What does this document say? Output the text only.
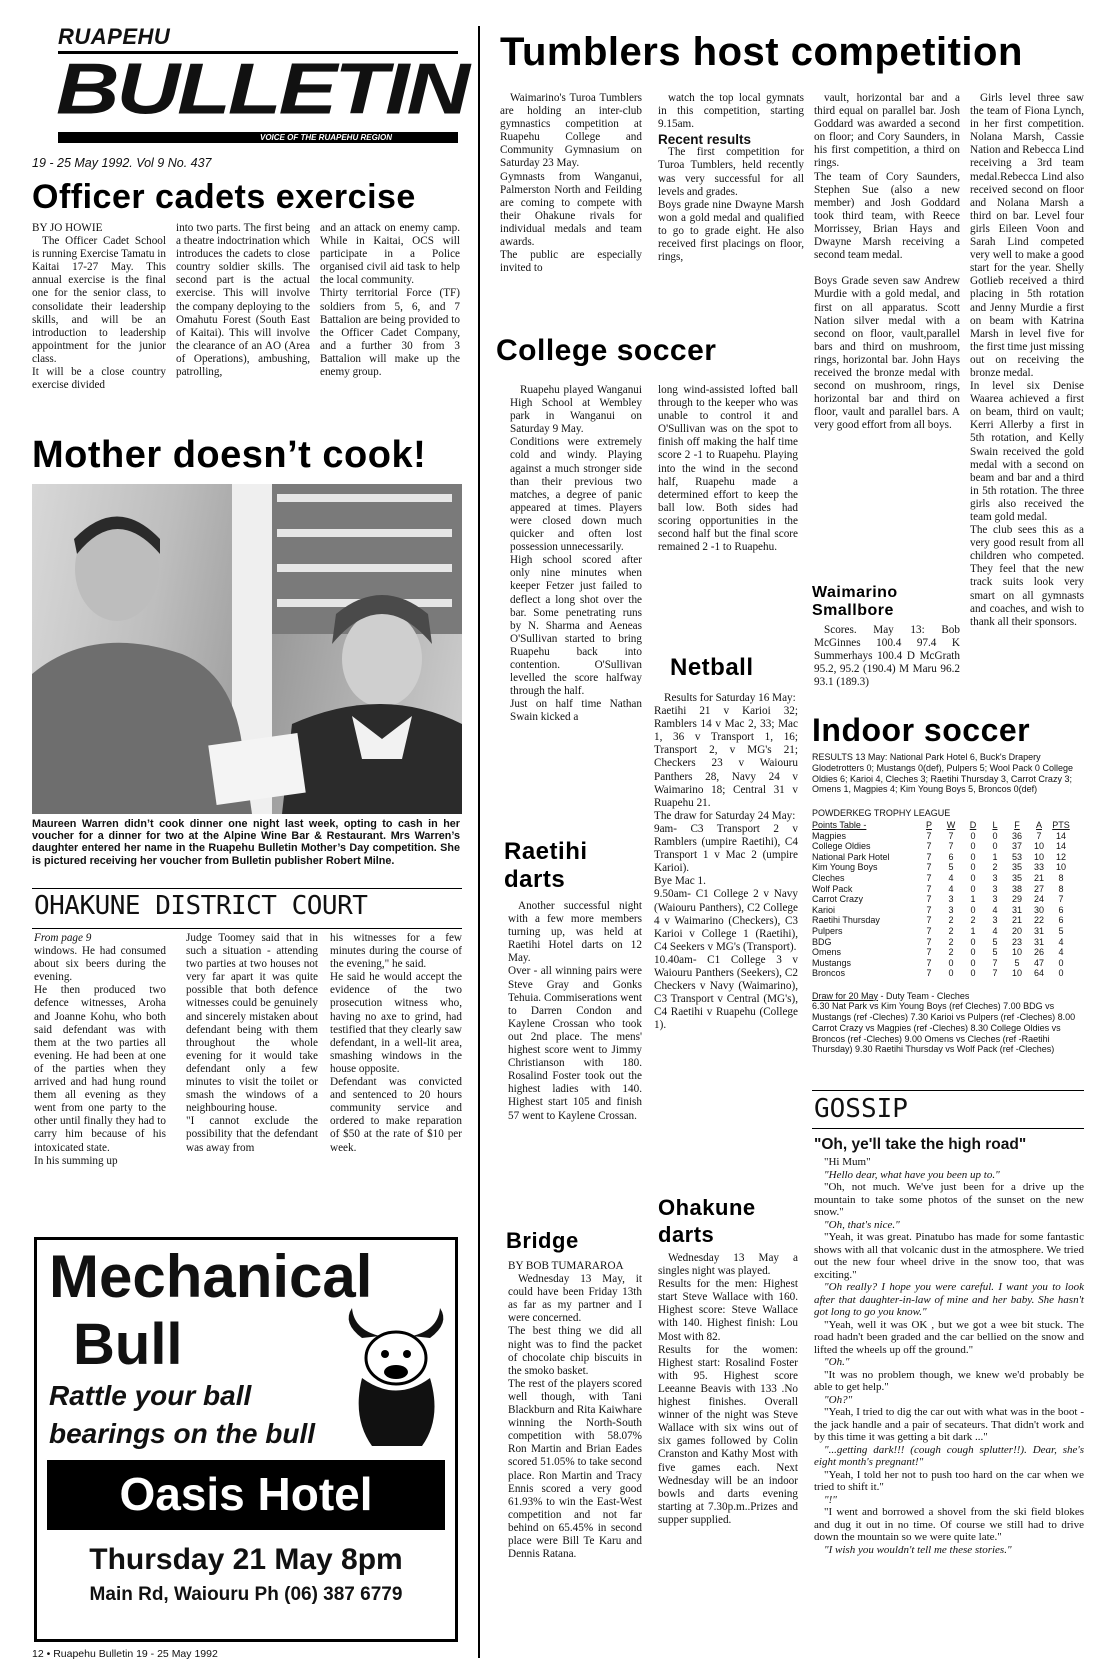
RUAPEHU
BULLETIN
VOICE OF THE RUAPEHU REGION
19 - 25 May 1992. Vol 9 No. 437
Tumblers host competition

Waimarino's Turoa Tumblers are holding an inter-club gymnastics competition at Ruapehu College and Community Gymnasium on Saturday 23 May.
Gymnasts from Wanganui, Palmerston North and Feilding are coming to compete with their Ohakune rivals for individual medals and team awards.
The public are especially invited to

watch the top local gymnats in this competition, starting 9.15am.

Recent results

The first competition for Turoa Tumblers, held recently was very successful for all levels and grades.
Boys grade nine Dwayne Marsh won a gold medal and qualified to go to grade eight. He also received first placings on floor, rings,

vault, horizontal bar and a third equal on parallel bar. Josh Goddard was awarded a second on floor; and Cory Saunders, in his first competition, a third on rings.
The team of Cory Saunders, Stephen Sue (also a new member) and Josh Goddard took third team, with Reece Morrissey, Brian Hays and Dwayne Marsh receiving a second team medal.

Boys Grade seven saw Andrew Murdie with a gold medal, and first on all apparatus. Scott Nation silver medal with a second on floor, vault,parallel bars and third on mushroom, rings, horizontal bar. John Hays received the bronze medal with second on mushroom, rings, horizontal bar and third on floor, vault and parallel bars. A very good effort from all boys.

Girls level three saw the team of Fiona Lynch, in her first competition. Nolana Marsh, Cassie Nation and Rebecca Lind receiving a 3rd team medal.Rebecca Lind also received second on floor and Nolana Marsh a third on bar. Level four girls Eileen Voon and Sarah Lind competed very well to make a good start for the year. Shelly Gotlieb received a third placing in 5th rotation and Jenny Murdie a first on beam with Katrina Marsh in level five for the first time just missing out on receiving the bronze medal.
In level six Denise Waarea achieved a first on beam, third on vault; Kerri Allerby a first in 5th rotation, and Kelly Swain received the gold medal with a second on beam and bar and a third in 5th rotation. The three girls also received the team gold medal.
The club sees this as a very good result from all children who competed. They feel that the new track suits look very smart on all gymnasts and coaches, and wish to thank all their sponsors.

Officer cadets exercise

BY JO HOWIE

The Officer Cadet School is running Exercise Tamatu in Kaitai 17-27 May. This annual exercise is the final one for the senior class, to consolidate their leadership skills, and will be an introduction to leadership appointment for the junior class.
It will be a close country exercise divided

into two parts. The first being a theatre indoctrination which introduces the cadets to close country soldier skills. The second part is the actual exercise. This will involve the company deploying to the Omahutu Forest (South East of Kaitai). This will involve the clearance of an AO (Area of Operations), ambushing, patrolling,

and an attack on enemy camp. While in Kaitai, OCS will participate in a Police organised civil aid task to help the local community.
Thirty territorial Force (TF) soldiers from 5, 6, and 7 Battalion are being provided to the Officer Cadet Company, and a further 30 from 3 Battalion will make up the enemy group.

Mother doesn’t cook!
Maureen Warren didn’t cook dinner one night last week, opting to cash in her voucher for a dinner for two at the Alpine Wine Bar & Restaurant. Mrs Warren’s daughter entered her name in the Ruapehu Bulletin Mother’s Day competition. She is pictured receiving her voucher from Bulletin publisher Robert Milne.
OHAKUNE DISTRICT COURT

From page 9

windows. He had consumed about six beers during the evening.
He then produced two defence witnesses, Aroha and Joanne Kohu, who both said defendant was with them at the two parties all evening. He had been at one of the parties when they arrived and had hung round them all evening as they went from one party to the other until finally they had to carry him because of his intoxicated state.
In his summing up

Judge Toomey said that in such a situation - attending two parties at two houses not very far apart it was quite possible that both defence witnesses could be genuinely and sincerely mistaken about defendant being with them throughout the whole evening for it would take defendant only a few minutes to visit the toilet or smash the windows of a neighbouring house.
"I cannot exclude the possibility that the defendant was away from

his witnesses for a few minutes during the course of the evening," he said.
He said he would accept the evidence of the two prosecution witness who, having no axe to grind, had testified that they clearly saw defendant, in a well-lit area, smashing windows in the house opposite.
Defendant was convicted and sentenced to 20 hours community service and ordered to make reparation of $50 at the rate of $10 per week.

Mechanical
Bull
Rattle your ball
bearings on the bull
Oasis Hotel
Thursday 21 May 8pm
Main Rd, Waiouru Ph (06) 387 6779
College soccer

Ruapehu played Wanganui High School at Wembley park in Wanganui on Saturday 9 May.
Conditions were extremely cold and windy. Playing against a much stronger side than their previous two matches, a degree of panic appeared at times. Players were closed down much quicker and often lost possession unnecessarily.
High school scored after only nine minutes when keeper Fetzer just failed to deflect a long shot over the bar. Some penetrating runs by N. Sharma and Aeneas O'Sullivan started to bring Ruapehu back into contention. O'Sullivan levelled the score halfway through the half.
Just on half time Nathan Swain kicked a

long wind-assisted lofted ball through to the keeper who was unable to control it and O'Sullivan was on the spot to finish off making the half time score 2 -1 to Ruapehu. Playing into the wind in the second half, Ruapehu made a determined effort to keep the ball low. Both sides had scoring opportunities in the second half but the final score remained 2 -1 to Ruapehu.

Netball

Results for Saturday 16 May:
Raetihi 21 v Karioi 32; Ramblers 14 v Mac 2, 33; Mac 1, 36 v Transport 1, 16; Transport 2, v MG's 21; Checkers 23 v Waiouru Panthers 28, Navy 24 v Waimarino 18; Central 31 v Ruapehu 21.
The draw for Saturday 24 May:
9am- C3 Transport 2 v Ramblers (umpire Raetihi), C4 Transport 1 v Mac 2 (umpire Karioi).
Bye Mac 1.
9.50am- C1 College 2 v Navy (Waiouru Panthers), C2 College 4 v Waimarino (Checkers), C3 Karioi v College 1 (Raetihi), C4 Seekers v MG's (Transport).
10.40am- C1 College 3 v Waiouru Panthers (Seekers), C2 Checkers v Navy (Waimarino), C3 Transport v Central (MG's), C4 Raetihi v Ruapehu (College 1).

Waimarino Smallbore

Scores. May 13: Bob McGinnes 100.4 97.4 K Summerhays 100.4 D McGrath 95.2, 95.2 (190.4) M Maru 96.2 93.1 (189.3)

Raetihi darts

Another successful night with a few more members turning up, was held at Raetihi Hotel darts on 12 May.
Over - all winning pairs were Steve Gray and Gonks Tehuia. Commiserations went to Darren Condon and Kaylene Crossan who took out 2nd place. The mens' highest score went to Jimmy Christianson with 180. Rosalind Foster took out the highest ladies with 140. Highest start 105 and finish 57 went to Kaylene Crossan.

Bridge

BY BOB TUMARAROA

Wednesday 13 May, it could have been Friday 13th as far as my partner and I were concerned.
The best thing we did all night was to find the packet of chocolate chip biscuits in the smoko basket.
The rest of the players scored well though, with Tani Blackburn and Rita Kaiwhare winning the North-South competition with 58.07% Ron Martin and Brian Eades scored 51.05% to take second place. Ron Martin and Tracy Ennis scored a very good 61.93% to win the East-West competition and not far behind on 65.45% in second place were Bill Te Karu and Dennis Ratana.

Ohakune darts

Wednesday 13 May a singles night was played.
Results for the men: Highest start Steve Wallace with 160. Highest score: Steve Wallace with 140. Highest finish: Lou Most with 82.
Results for the women: Highest start: Rosalind Foster with 95. Highest score Leeanne Beavis with 133 .No highest finishes. Overall winner of the night was Steve Wallace with six wins out of six games followed by Colin Cranston and Kathy Most with five games each. Next Wednesday will be an indoor bowls and darts evening starting at 7.30p.m..Prizes and supper supplied.

Indoor soccer
RESULTS 13 May: National Park Hotel 6, Buck's Drapery Glodetrotters 0; Mustangs 0(def), Pulpers 5; Wool Pack 0 College Oldies 6; Karioi 4, Cleches 3; Raetihi Thursday 3, Carrot Crazy 3; Omens 1, Magpies 4; Kim Young Boys 5, Broncos 0(def)
POWDERKEG TROPHY LEAGUE
Points Table -	P	W	D	L	F	A	PTS
Magpies	7	7	0	0	36	7	14
College Oldies	7	7	0	0	37	10	14
National Park Hotel	7	6	0	1	53	10	12
Kim Young Boys	7	5	0	2	35	33	10
Cleches	7	4	0	3	35	21	8
Wolf Pack	7	4	0	3	38	27	8
Carrot Crazy	7	3	1	3	29	24	7
Karioi	7	3	0	4	31	30	6
Raetihi Thursday	7	2	2	3	21	22	6
Pulpers	7	2	1	4	20	31	5
BDG	7	2	0	5	23	31	4
Omens	7	2	0	5	10	26	4
Mustangs	7	0	0	7	5	47	0
Broncos	7	0	0	7	10	64	0

Draw for 20 May - Duty Team - Cleches
6.30 Nat Park vs Kim Young Boys (ref Cleches) 7.00 BDG vs Mustangs (ref -Cleches) 7.30 Karioi vs Pulpers (ref -Cleches) 8.00 Carrot Crazy vs Magpies (ref -Cleches) 8.30 College Oldies vs Broncos (ref -Cleches) 9.00 Omens vs Cleches (ref -Raetihi Thursday) 9.30 Raetihi Thursday vs Wolf Pack (ref -Cleches)

GOSSIP
"Oh, ye'll take the high road"

"Hi Mum"

"Hello dear, what have you been up to."

"Oh, not much. We've just been for a drive up the mountain to take some photos of the sunset on the new snow."

"Oh, that's nice."

"Yeah, it was great. Pinatubo has made for some fantastic shows with all that volcanic dust in the atmosphere. We tried out the new four wheel drive in the snow too, that was exciting."

"Oh really? I hope you were careful. I want you to look after that daughter-in-law of mine and her baby. She hasn't got long to go you know."

"Yeah, well it was OK , but we got a wee bit stuck. The road hadn't been graded and the car bellied on the snow and lifted the wheels up off the ground."

"Oh."

"It was no problem though, we knew we'd probably be able to get help."

"Oh?"

"Yeah, I tried to dig the car out with what was in the boot - the jack handle and a pair of secateurs. That didn't work and by this time it was getting a bit dark ..."

"...getting dark!!! (cough cough splutter!!). Dear, she's eight month's pregnant!"

"Yeah, I told her not to push too hard on the car when we tried to shift it."

"!"

"I went and borrowed a shovel from the ski field blokes and dug it out in no time. Of course we still had to drive down the mountain so we were quite late."

"I wish you wouldn't tell me these stories."

12 • Ruapehu Bulletin 19 - 25 May 1992
